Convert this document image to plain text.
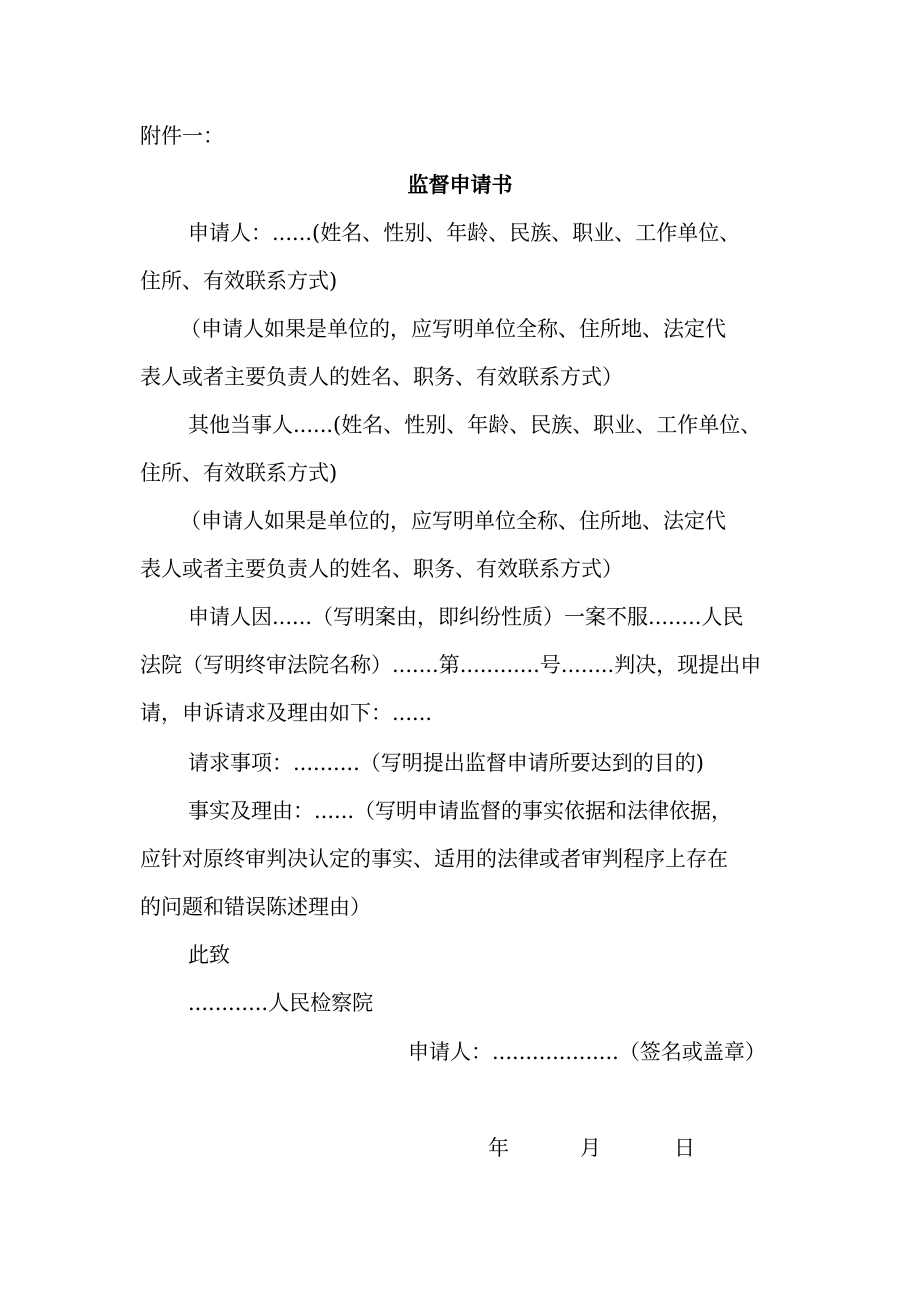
附件一：
监督申请书
申请人：......(姓名、性别、年龄、民族、职业、工作单位、
住所、有效联系方式)
（申请人如果是单位的，应写明单位全称、住所地、法定代
表人或者主要负责人的姓名、职务、有效联系方式）
其他当事人......(姓名、性别、年龄、民族、职业、工作单位、
住所、有效联系方式)
（申请人如果是单位的，应写明单位全称、住所地、法定代
表人或者主要负责人的姓名、职务、有效联系方式）
申请人因......（写明案由，即纠纷性质）一案不服........人民
法院（写明终审法院名称）.......第............号........判决，现提出申
请，申诉请求及理由如下：......
请求事项：..........（写明提出监督申请所要达到的目的)
事实及理由：......（写明申请监督的事实依据和法律依据，
应针对原终审判决认定的事实、适用的法律或者审判程序上存在
的问题和错误陈述理由）
此致
............人民检察院
申请人：...................（签名或盖章）
年	月	日
